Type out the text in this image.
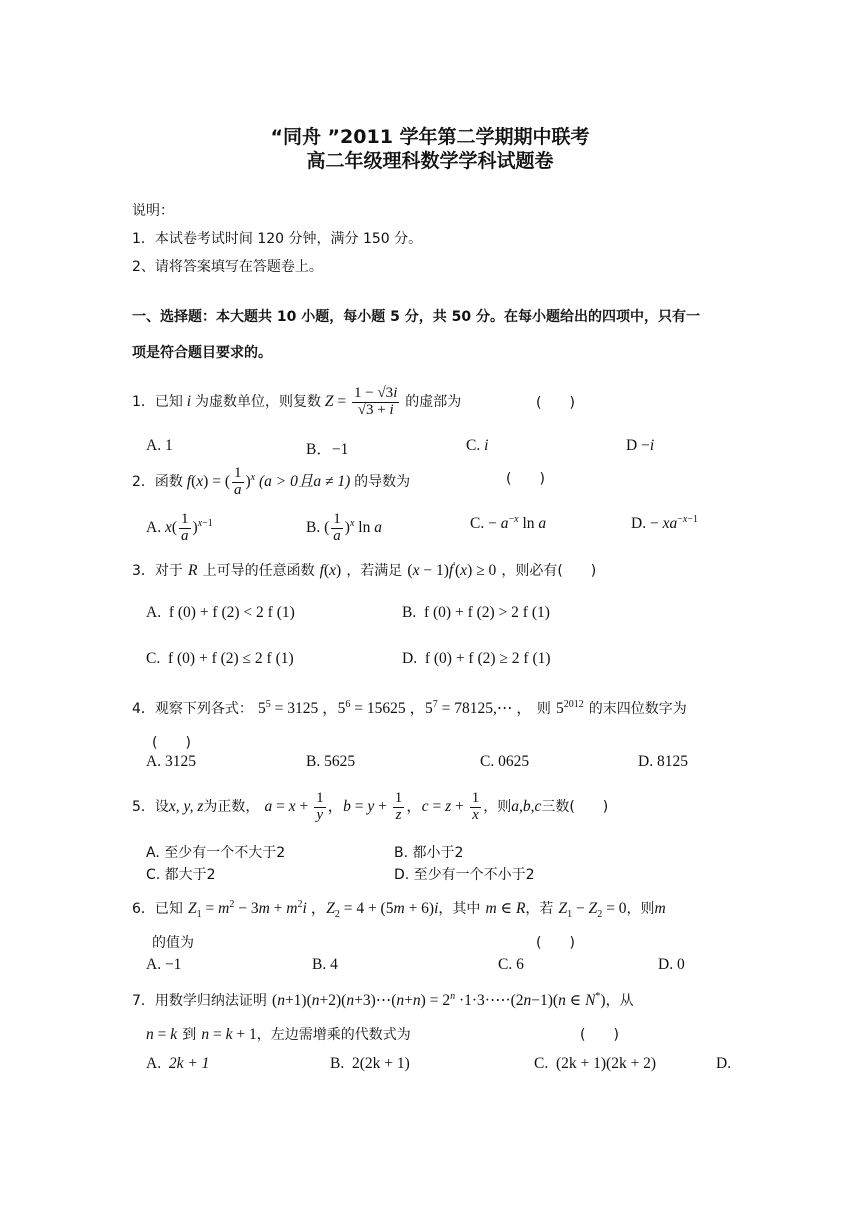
“同舟 ”2011 学年第二学期期中联考
高二年级理科数学学科试题卷
说明：
1．本试卷考试时间 120 分钟，满分 150 分。
2、请将答案填写在答题卷上。
一、选择题：本大题共 10 小题，每小题 5 分，共 50 分。在每小题给出的四项中，只有一
项是符合题目要求的。
1．已知 i 为虚数单位，则复数 $Z = \frac{1 - √3i}{√3 + i}$ 的虚部为	(　　)
A. 1	B．−1	C. i	D −i
2．函数 f(x) = ( $\frac{1}{a} )^x$ (a > 0且a ≠ 1) 的导数为	(　　)
A. $x( \frac{1}{a} )^{x-1}$	B. ( $\frac{1}{a} )^x$ ln a	C. − $a^{-x}$ ln a	D. − $xa^{-x-1}$
3．对于 R 上可导的任意函数 f(x) ，若满足 (x − 1)f'(x) ≥ 0 ，则必有(　　)
A. f (0) + f (2) < 2 f (1)	B. f (0) + f (2) > 2 f (1)
C. f (0) + f (2) ≤ 2 f (1)	D. f (0) + f (2) ≥ 2 f (1)
4．观察下列各式： $5^5 = 3125$ ，$5^6 = 15625$ ，$5^7$ = 78125,⋯ ， 则 $5^{2012}$ 的末四位数字为
(　　)
A. 3125	B. 5625	C. 0625	D. 8125
5．设x, y, z为正数， $a = x + \frac{1}{y}$ ，$b = y + \frac{1}{z}$ ，$c = z + \frac{1}{x}$ ，则a,b,c三数(　　)
A. 至少有一个不大于2	B. 都小于2
C. 都大于2	D. 至少有一个不小于2
6．已知 $Z_1 = m^2 - 3m + m^2i$ ，$Z_2 = 4 + (5m + 6)i$，其中 m ∈ R，若 $Z_1 - Z_2 = 0$，则m
的值为	(　　)
A. −1	B. 4	C. 6	D. 0
7．用数学归纳法证明 (n+1)(n+2)(n+3)⋯(n+n) = $2^n$ ·1·3·⋯·(2n−1)(n ∈ N*)，从
n = k 到 n = k + 1，左边需增乘的代数式为	(　　)
A. 2k + 1	B. 2(2k + 1)	C. (2k + 1)(2k + 2)	D.
